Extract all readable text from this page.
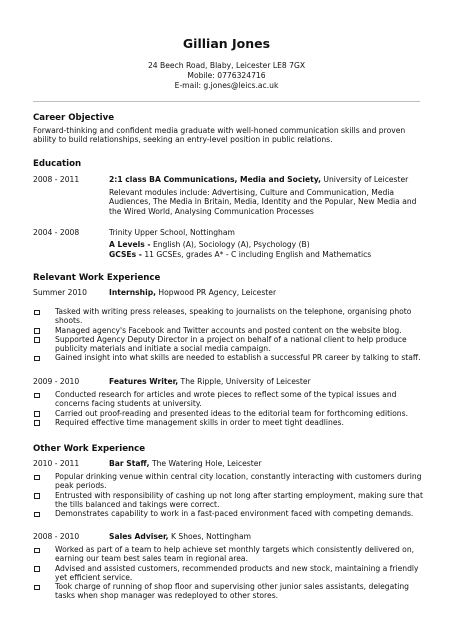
Gillian Jones
24 Beech Road, Blaby, Leicester LE8 7GX
Mobile: 0776324716
E-mail: g.jones@leics.ac.uk
Career Objective
Forward-thinking and confident media graduate with well-honed communication skills and proven ability to build relationships, seeking an entry-level position in public relations.
Education
2008 - 2011	2:1 class BA Communications, Media and Society, University of Leicester
Relevant modules include: Advertising, Culture and Communication, Media Audiences, The Media in Britain, Media, Identity and the Popular, New Media and the Wired World, Analysing Communication Processes
2004 - 2008	Trinity Upper School, Nottingham
A Levels - English (A), Sociology (A), Psychology (B)
GCSEs - 11 GCSEs, grades A* - C including English and Mathematics
Relevant Work Experience
Summer 2010	Internship, Hopwood PR Agency, Leicester
Tasked with writing press releases, speaking to journalists on the telephone, organising photo shoots.
Managed agency's Facebook and Twitter accounts and posted content on the website blog.
Supported Agency Deputy Director in a project on behalf of a national client to help produce publicity materials and initiate a social media campaign.
Gained insight into what skills are needed to establish a successful PR career by talking to staff.
2009 - 2010	Features Writer, The Ripple, University of Leicester
Conducted research for articles and wrote pieces to reflect some of the typical issues and concerns facing students at university.
Carried out proof-reading and presented ideas to the editorial team for forthcoming editions.
Required effective time management skills in order to meet tight deadlines.
Other Work Experience
2010 - 2011	Bar Staff, The Watering Hole, Leicester
Popular drinking venue within central city location, constantly interacting with customers during peak periods.
Entrusted with responsibility of cashing up not long after starting employment, making sure that the tills balanced and takings were correct.
Demonstrates capability to work in a fast-paced environment faced with competing demands.
2008 - 2010	Sales Adviser, K Shoes, Nottingham
Worked as part of a team to help achieve set monthly targets which consistently delivered on, earning our team best sales team in regional area.
Advised and assisted customers, recommended products and new stock, maintaining a friendly yet efficient service.
Took charge of running of shop floor and supervising other junior sales assistants, delegating tasks when shop manager was redeployed to other stores.
